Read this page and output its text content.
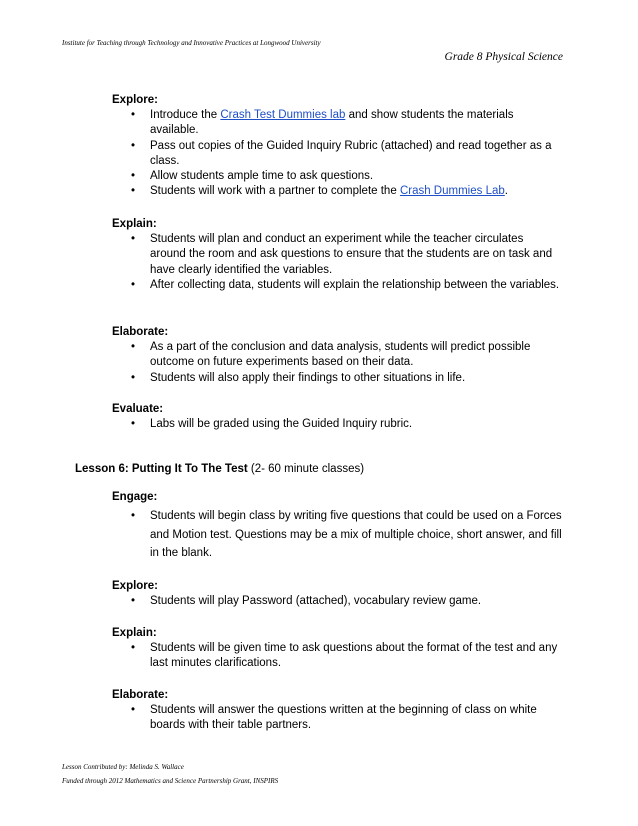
Institute for Teaching through Technology and Innovative Practices at Longwood University
Grade 8 Physical Science

Explore:

• Introduce the Crash Test Dummies lab and show students the materials available.
• Pass out copies of the Guided Inquiry Rubric (attached) and read together as a class.
• Allow students ample time to ask questions.
• Students will work with a partner to complete the Crash Dummies Lab.

Explain:

• Students will plan and conduct an experiment while the teacher circulates around the room and ask questions to ensure that the students are on task and have clearly identified the variables.
• After collecting data, students will explain the relationship between the variables.

Elaborate:

• As a part of the conclusion and data analysis, students will predict possible outcome on future experiments based on their data.
• Students will also apply their findings to other situations in life.

Evaluate:

• Labs will be graded using the Guided Inquiry rubric.
Lesson 6: Putting It To The Test (2- 60 minute classes)

Engage:

• Students will begin class by writing five questions that could be used on a Forces and Motion test. Questions may be a mix of multiple choice, short answer, and fill in the blank.

Explore:

• Students will play Password (attached), vocabulary review game.

Explain:

• Students will be given time to ask questions about the format of the test and any last minutes clarifications.

Elaborate:

• Students will answer the questions written at the beginning of class on white boards with their table partners.
Lesson Contributed by: Melinda S. Wallace
Funded through 2012 Mathematics and Science Partnership Grant, INSPIRS
